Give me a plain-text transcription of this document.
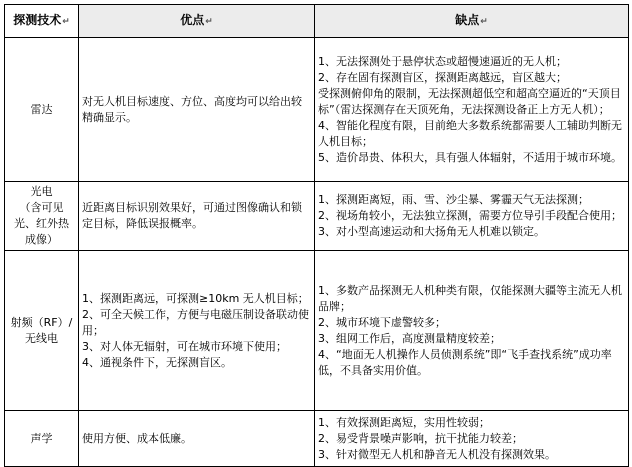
探测技术↵	优点↵	缺点↵

雷达	对无人机目标速度、方位、高度均可以给出较精确显示。	1、无法探测处于悬停状态或超慢速逼近的无人机；
2、存在固有探测盲区，探测距离越远，盲区越大；
受探测俯仰角的限制，无法探测超低空和超高空逼近的“天顶目标”（雷达探测存在天顶死角，无法探测设备正上方无人机）；
4、智能化程度有限，目前绝大多数系统都需要人工辅助判断无人机目标；
5、造价昂贵、体积大，具有强人体辐射，不适用于城市环境。

光电
（含可见
光、红外热
成像）	近距离目标识别效果好，可通过图像确认和锁定目标，降低误报概率。	1、探测距离短，雨、雪、沙尘暴、雾霾天气无法探测；
2、视场角较小，无法独立探测，需要方位导引手段配合使用；
3、对小型高速运动和大扬角无人机难以锁定。

射频（RF）/
无线电	1、探测距离远，可探测≥10km 无人机目标；
2、可全天候工作，方便与电磁压制设备联动使用；
3、对人体无辐射，可在城市环境下使用；
4、通视条件下，无探测盲区。	1、多数产品探测无人机种类有限，仅能探测大疆等主流无人机品牌；
2、城市环境下虚警较多；
3、组网工作后，高度测量精度较差；
4、“地面无人机操作人员侦测系统”即“飞手查找系统”成功率低，不具备实用价值。

声学	使用方便、成本低廉。	1、有效探测距离短，实用性较弱；
2、易受背景噪声影响，抗干扰能力较差；
3、针对微型无人机和静音无人机没有探测效果。
